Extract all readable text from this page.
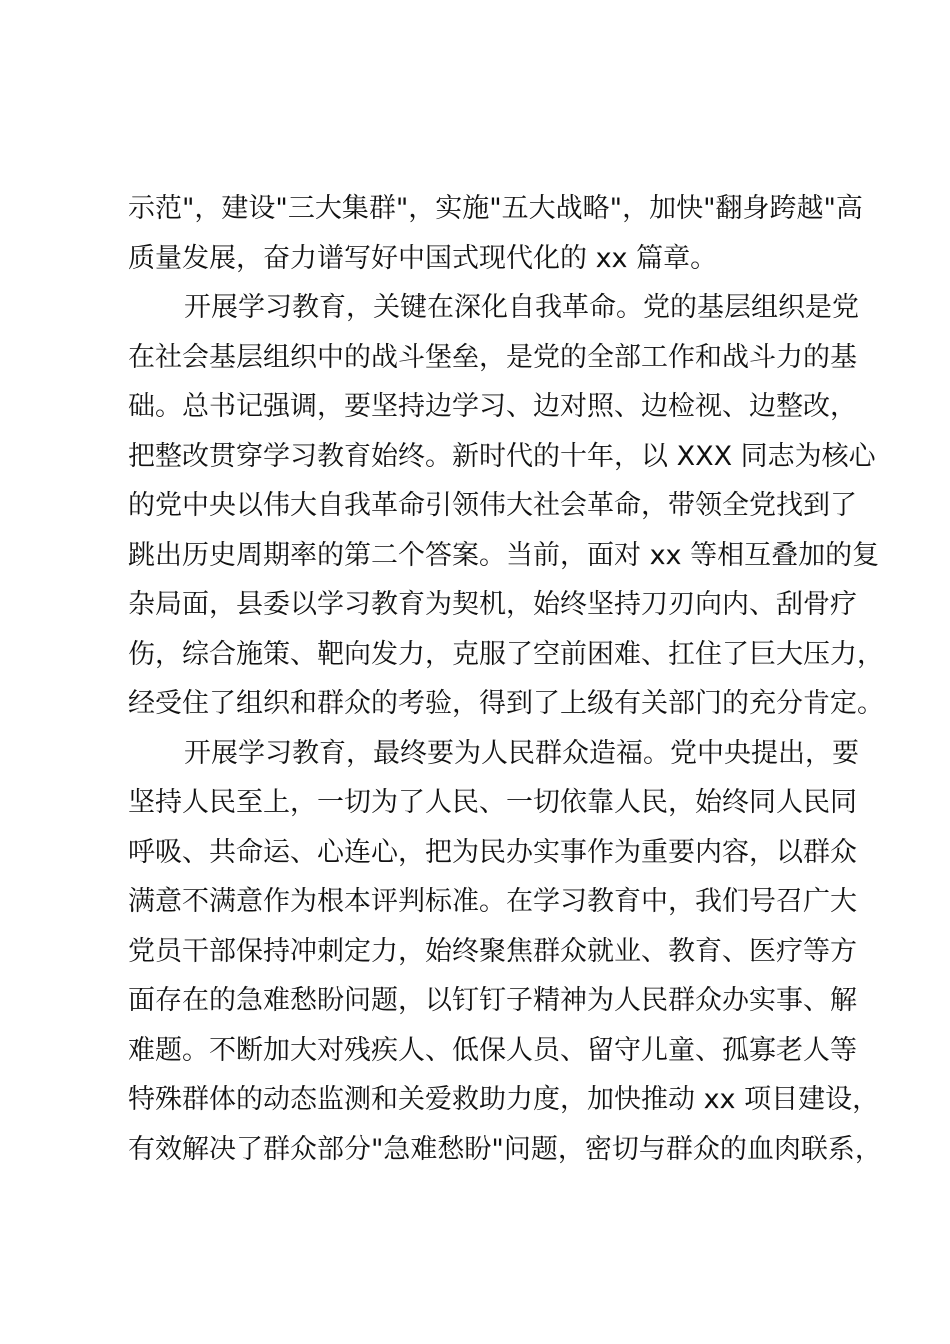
示范"，建设"三大集群"，实施"五大战略"，加快"翻身跨越"高
质量发展，奋力谱写好中国式现代化的 xx 篇章。
开展学习教育，关键在深化自我革命。党的基层组织是党
在社会基层组织中的战斗堡垒，是党的全部工作和战斗力的基
础。总书记强调，要坚持边学习、边对照、边检视、边整改，
把整改贯穿学习教育始终。新时代的十年，以 XXX 同志为核心
的党中央以伟大自我革命引领伟大社会革命，带领全党找到了
跳出历史周期率的第二个答案。当前，面对 xx 等相互叠加的复
杂局面，县委以学习教育为契机，始终坚持刀刃向内、刮骨疗
伤，综合施策、靶向发力，克服了空前困难、扛住了巨大压力，
经受住了组织和群众的考验，得到了上级有关部门的充分肯定。
开展学习教育，最终要为人民群众造福。党中央提出，要
坚持人民至上，一切为了人民、一切依靠人民，始终同人民同
呼吸、共命运、心连心，把为民办实事作为重要内容，以群众
满意不满意作为根本评判标准。在学习教育中，我们号召广大
党员干部保持冲刺定力，始终聚焦群众就业、教育、医疗等方
面存在的急难愁盼问题，以钉钉子精神为人民群众办实事、解
难题。不断加大对残疾人、低保人员、留守儿童、孤寡老人等
特殊群体的动态监测和关爱救助力度，加快推动 xx 项目建设，
有效解决了群众部分"急难愁盼"问题，密切与群众的血肉联系，
